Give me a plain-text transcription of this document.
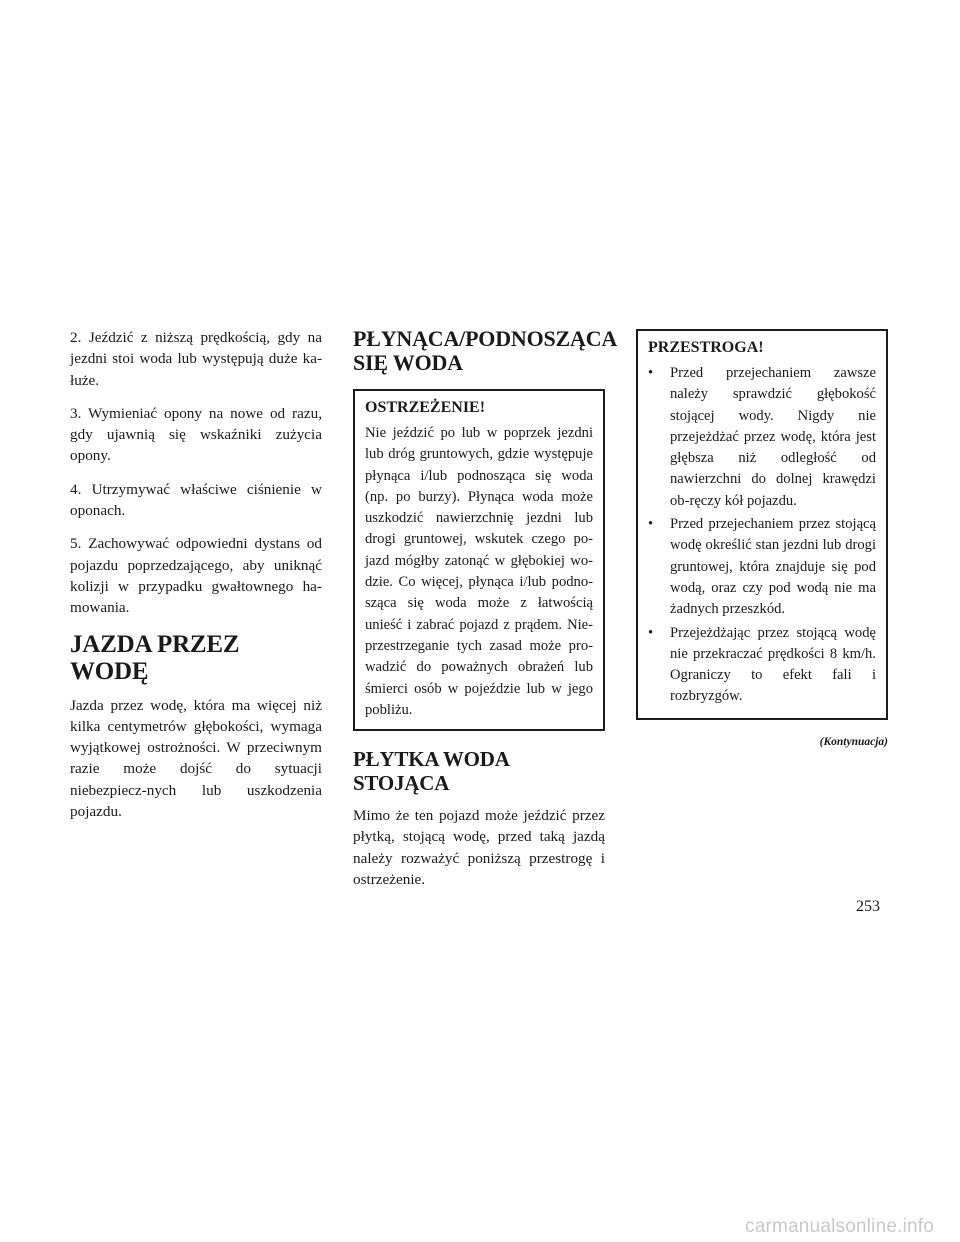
2. Jeździć z niższą prędkością, gdy na jezdni stoi woda lub występują duże ka-łuże.

3. Wymieniać opony na nowe od razu, gdy ujawnią się wskaźniki zużycia opony.

4. Utrzymywać właściwe ciśnienie w oponach.

5. Zachowywać odpowiedni dystans od pojazdu poprzedzającego, aby uniknąć kolizji w przypadku gwałtownego ha-mowania.

JAZDA PRZEZ WODĘ

Jazda przez wodę, która ma więcej niż kilka centymetrów głębokości, wymaga wyjątkowej ostrożności. W przeciwnym razie może dojść do sytuacji niebezpiecz-nych lub uszkodzenia pojazdu.

PŁYNĄCA/PODNOSZĄCA
SIĘ WODA
OSTRZEŻENIE!

Nie jeździć po lub w poprzek jezdni lub dróg gruntowych, gdzie występuje płynąca i/lub podnosząca się woda (np. po burzy). Płynąca woda może uszkodzić nawierzchnię jezdni lub drogi gruntowej, wskutek czego po-jazd mógłby zatonąć w głębokiej wo-dzie. Co więcej, płynąca i/lub podno-sząca się woda może z łatwością unieść i zabrać pojazd z prądem. Nie-przestrzeganie tych zasad może pro-wadzić do poważnych obrażeń lub śmierci osób w pojeździe lub w jego pobliżu.

PŁYTKA WODA STOJĄCA

Mimo że ten pojazd może jeździć przez płytką, stojącą wodę, przed taką jazdą należy rozważyć poniższą przestrogę i ostrzeżenie.

PRZESTROGA!
• Przed przejechaniem zawsze należy sprawdzić głębokość stojącej wody. Nigdy nie przejeżdżać przez wodę, która jest głębsza niż odległość od nawierzchni do dolnej krawędzi ob-ręczy kół pojazdu.
• Przed przejechaniem przez stojącą wodę określić stan jezdni lub drogi gruntowej, która znajduje się pod wodą, oraz czy pod wodą nie ma żadnych przeszkód.
• Przejeżdżając przez stojącą wodę nie przekraczać prędkości 8 km/h. Ograniczy to efekt fali i rozbryzgów.
(Kontynuacja)
253
carmanualsonline.info
